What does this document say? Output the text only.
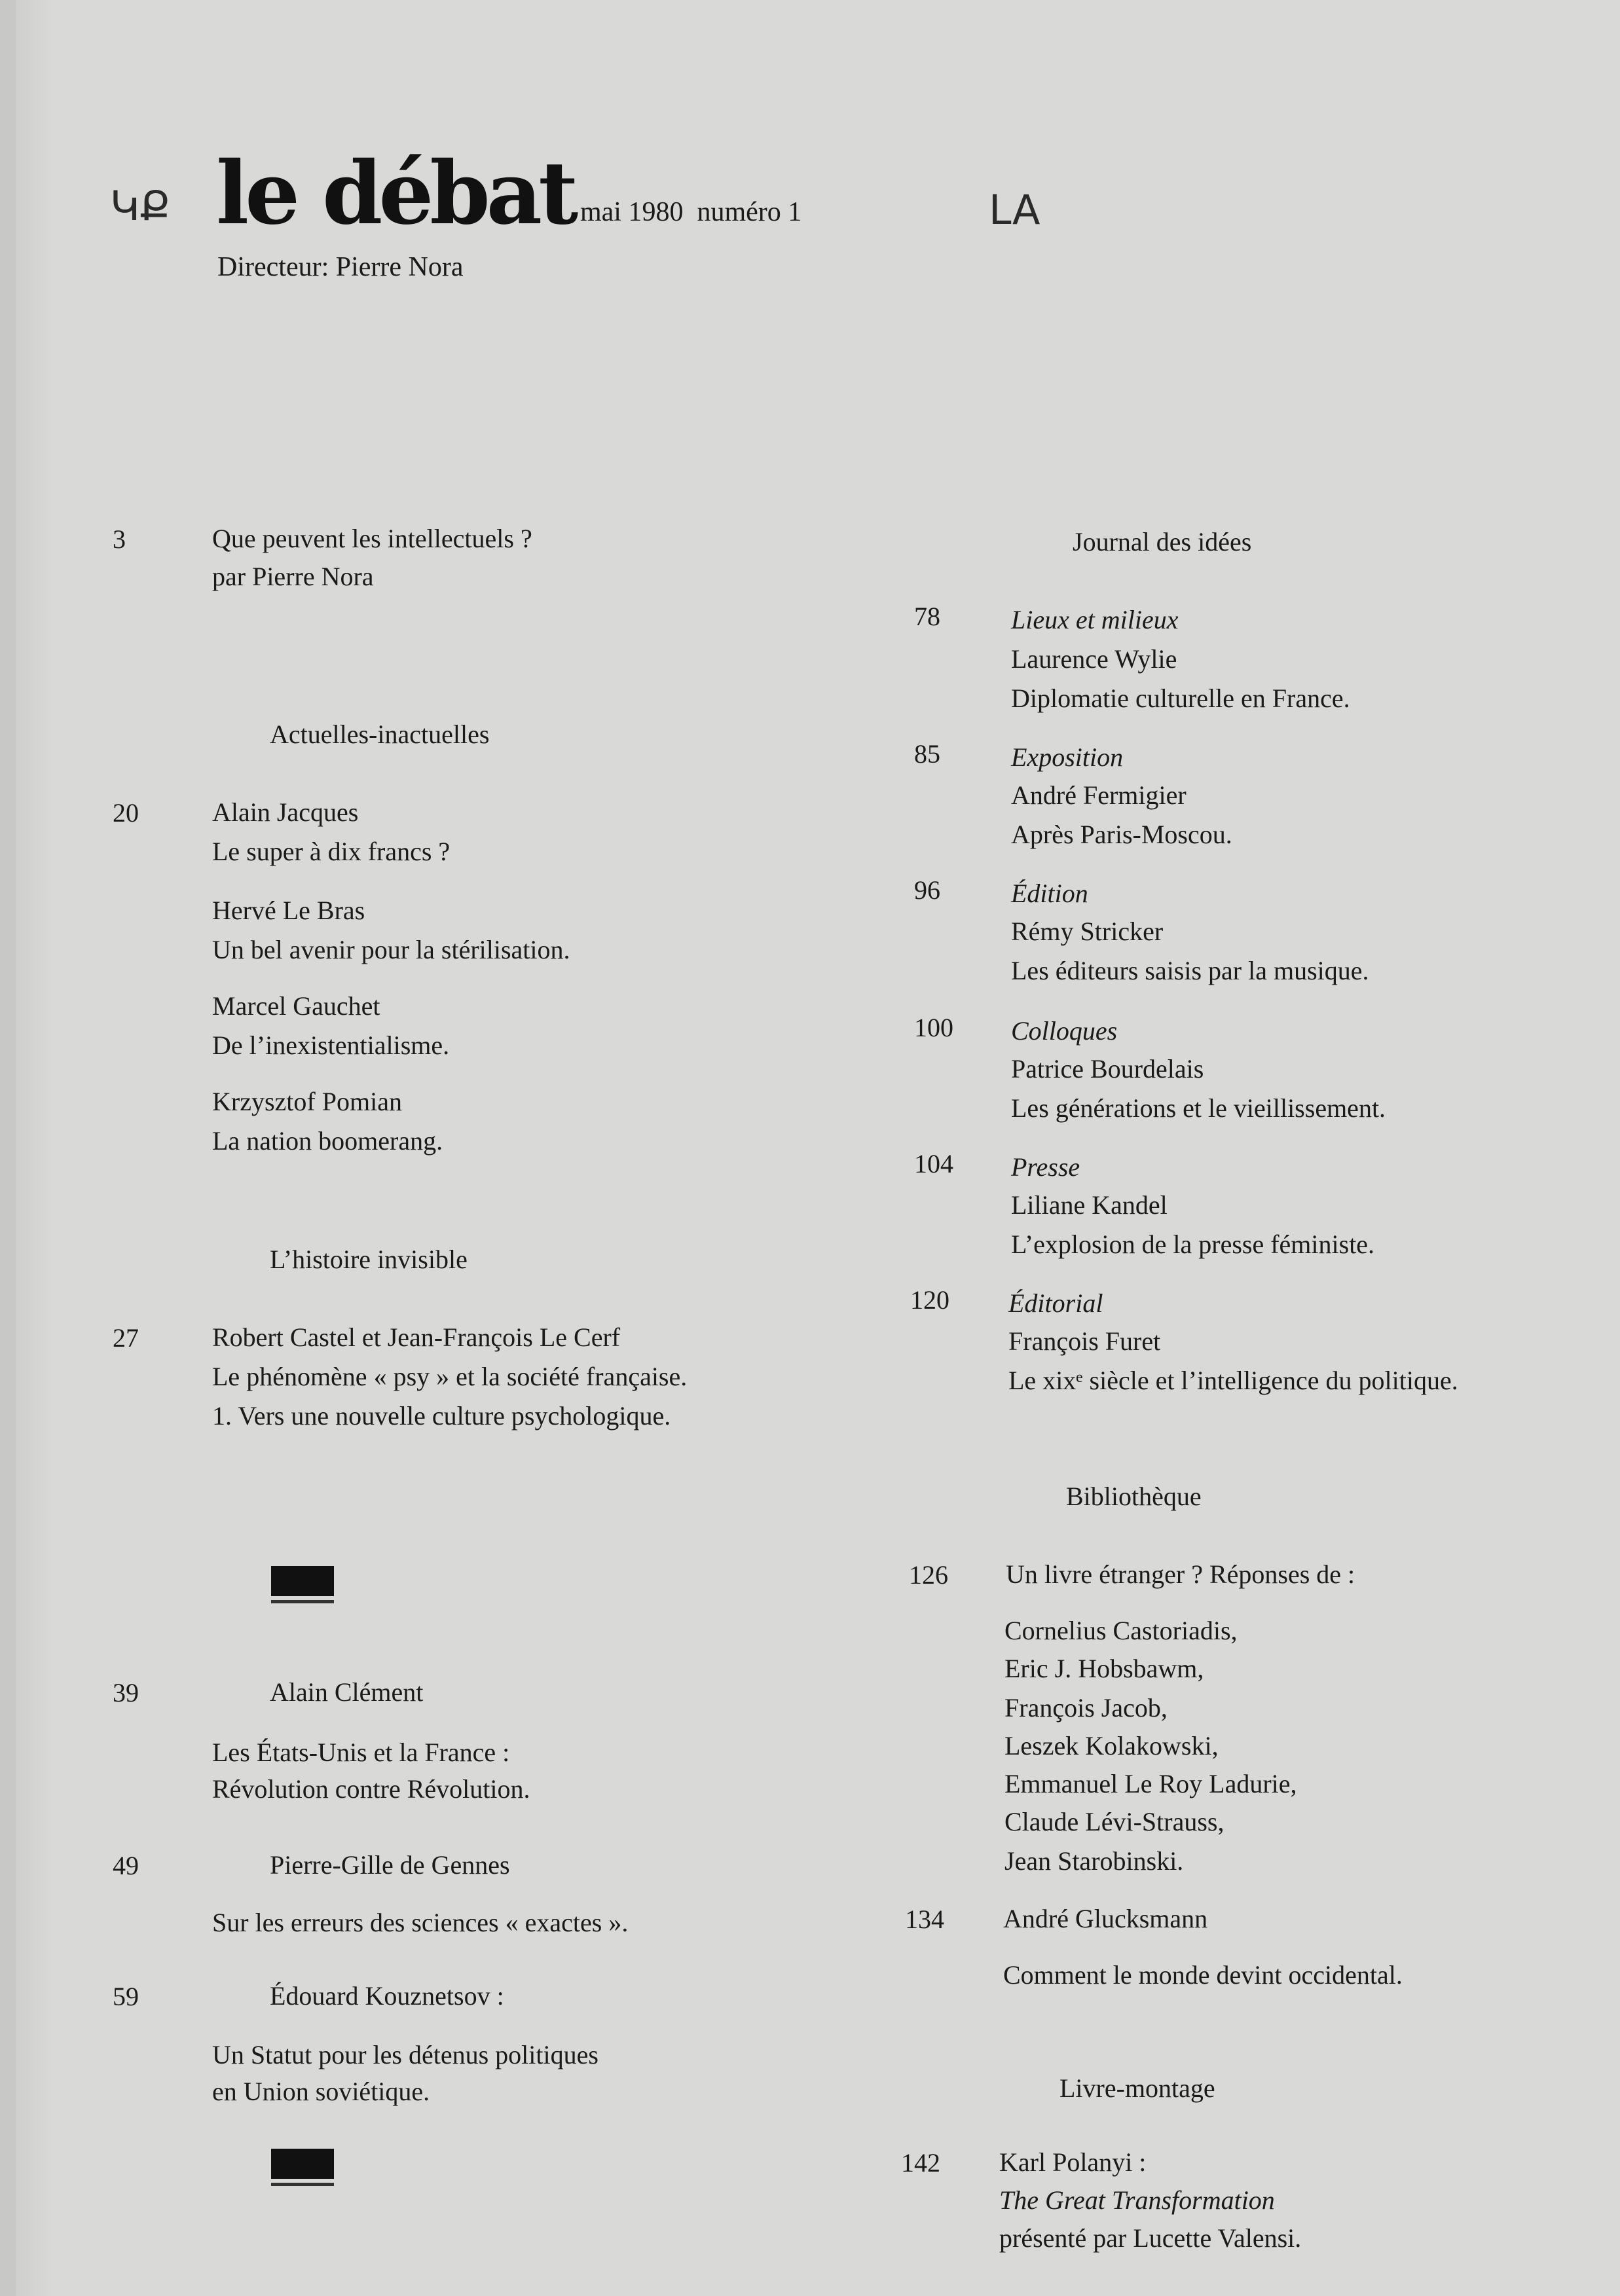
ԿՔ le débat mai 1980  numéro 1	LA
Directeur: Pierre Nora
3	Que peuvent les intellectuels ?
par Pierre Nora
Actuelles-inactuelles
20	Alain Jacques
Le super à dix francs ?
Hervé Le Bras
Un bel avenir pour la stérilisation.
Marcel Gauchet
De l’inexistentialisme.
Krzysztof Pomian
La nation boomerang.
L’histoire invisible
27	Robert Castel et Jean-François Le Cerf
Le phénomène « psy » et la société française.
1. Vers une nouvelle culture psychologique.
39	Alain Clément
Les États-Unis et la France :
Révolution contre Révolution.
49	Pierre-Gille de Gennes
Sur les erreurs des sciences « exactes ».
59	Édouard Kouznetsov :
Un Statut pour les détenus politiques
en Union soviétique.
Journal des idées
78	Lieux et milieux
Laurence Wylie
Diplomatie culturelle en France.
85	Exposition
André Fermigier
Après Paris-Moscou.
96	Édition
Rémy Stricker
Les éditeurs saisis par la musique.
100 Colloques
Patrice Bourdelais
Les générations et le vieillissement.
104 Presse
Liliane Kandel
L’explosion de la presse féministe.
120 Éditorial
François Furet
Le xixᵉ siècle et l’intelligence du politique.
Bibliothèque
126 Un livre étranger ? Réponses de :
Cornelius Castoriadis,
Eric J. Hobsbawm,
François Jacob,
Leszek Kolakowski,
Emmanuel Le Roy Ladurie,
Claude Lévi-Strauss,
Jean Starobinski.
134 André Glucksmann
Comment le monde devint occidental.
Livre-montage
142 Karl Polanyi :
The Great Transformation
présenté par Lucette Valensi.
